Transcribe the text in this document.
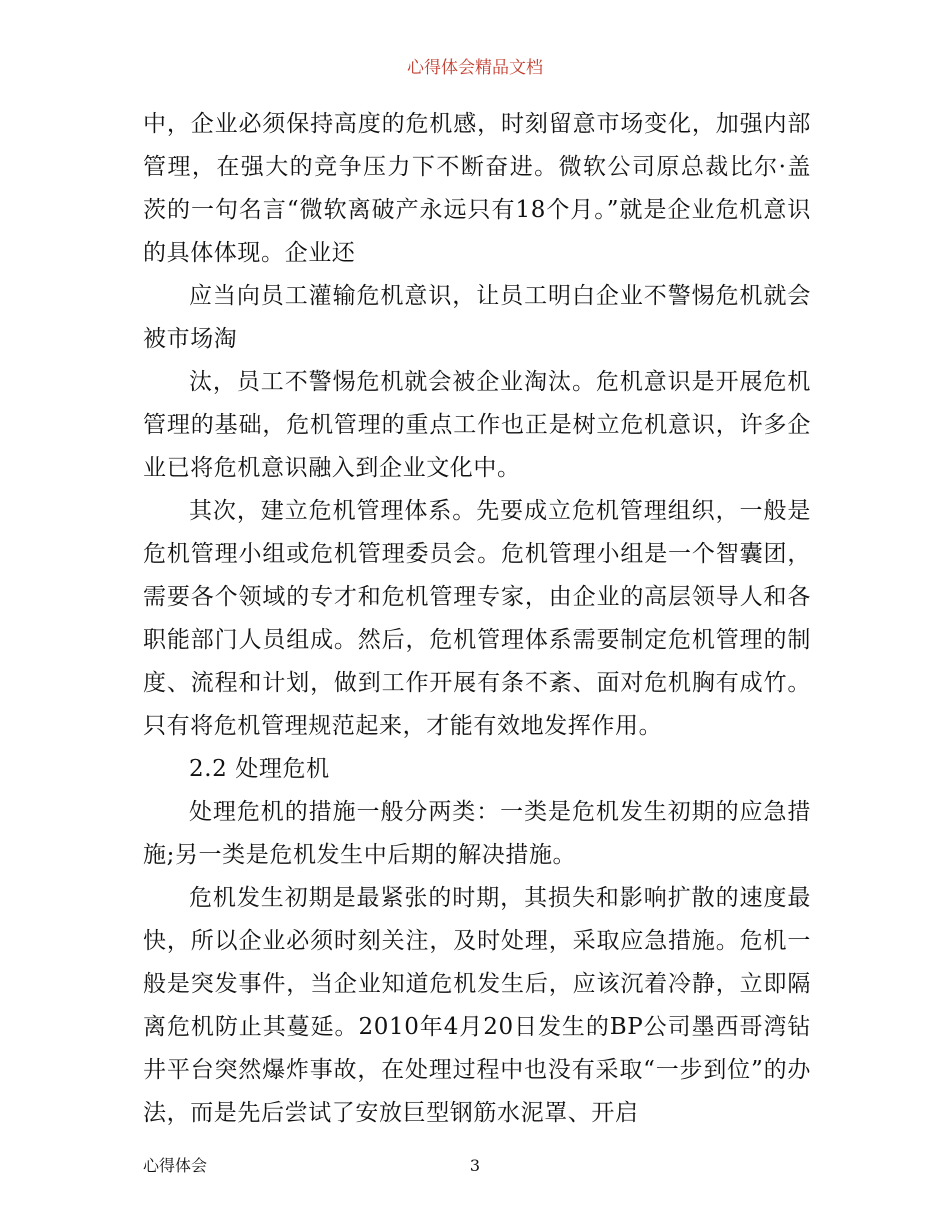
心得体会精品文档

中，企业必须保持高度的危机感，时刻留意市场变化，加强内部管理，在强大的竞争压力下不断奋进。微软公司原总裁比尔·盖茨的一句名言“微软离破产永远只有18个月。”就是企业危机意识的具体体现。企业还

应当向员工灌输危机意识，让员工明白企业不警惕危机就会被市场淘

汰，员工不警惕危机就会被企业淘汰。危机意识是开展危机管理的基础，危机管理的重点工作也正是树立危机意识，许多企业已将危机意识融入到企业文化中。

其次，建立危机管理体系。先要成立危机管理组织，一般是危机管理小组或危机管理委员会。危机管理小组是一个智囊团，需要各个领域的专才和危机管理专家，由企业的高层领导人和各职能部门人员组成。然后，危机管理体系需要制定危机管理的制度、流程和计划，做到工作开展有条不紊、面对危机胸有成竹。只有将危机管理规范起来，才能有效地发挥作用。

2.2 处理危机

处理危机的措施一般分两类：一类是危机发生初期的应急措施;另一类是危机发生中后期的解决措施。

危机发生初期是最紧张的时期，其损失和影响扩散的速度最快，所以企业必须时刻关注，及时处理，采取应急措施。危机一般是突发事件，当企业知道危机发生后，应该沉着冷静，立即隔离危机防止其蔓延。2010年4月20日发生的BP公司墨西哥湾钻井平台突然爆炸事故，在处理过程中也没有采取“一步到位”的办法，而是先后尝试了安放巨型钢筋水泥罩、开启

心得体会	3
